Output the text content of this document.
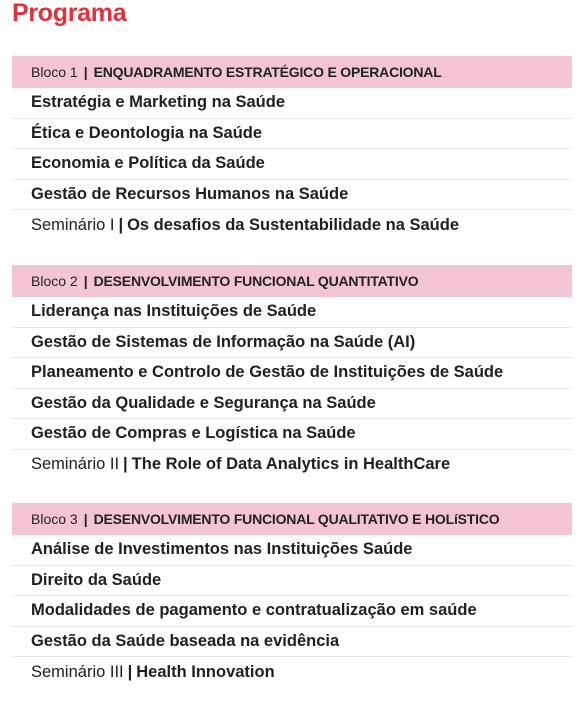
Programa
Bloco 1 | ENQUADRAMENTO ESTRATÉGICO E OPERACIONAL
Estratégia e Marketing na Saúde
Ética e Deontologia na Saúde
Economia e Política da Saúde
Gestão de Recursos Humanos na Saúde
Seminário I | Os desafios da Sustentabilidade na Saúde
Bloco 2 | DESENVOLVIMENTO FUNCIONAL QUANTITATIVO
Liderança nas Instituições de Saúde
Gestão de Sistemas de Informação na Saúde (AI)
Planeamento e Controlo de Gestão de Instituições de Saúde
Gestão da Qualidade e Segurança na Saúde
Gestão de Compras e Logística na Saúde
Seminário II | The Role of Data Analytics in HealthCare
Bloco 3 | DESENVOLVIMENTO FUNCIONAL QUALITATIVO E HOLíSTICO
Análise de Investimentos nas Instituições Saúde
Direito da Saúde
Modalidades de pagamento e contratualização em saúde
Gestão da Saúde baseada na evidência
Seminário III | Health Innovation
